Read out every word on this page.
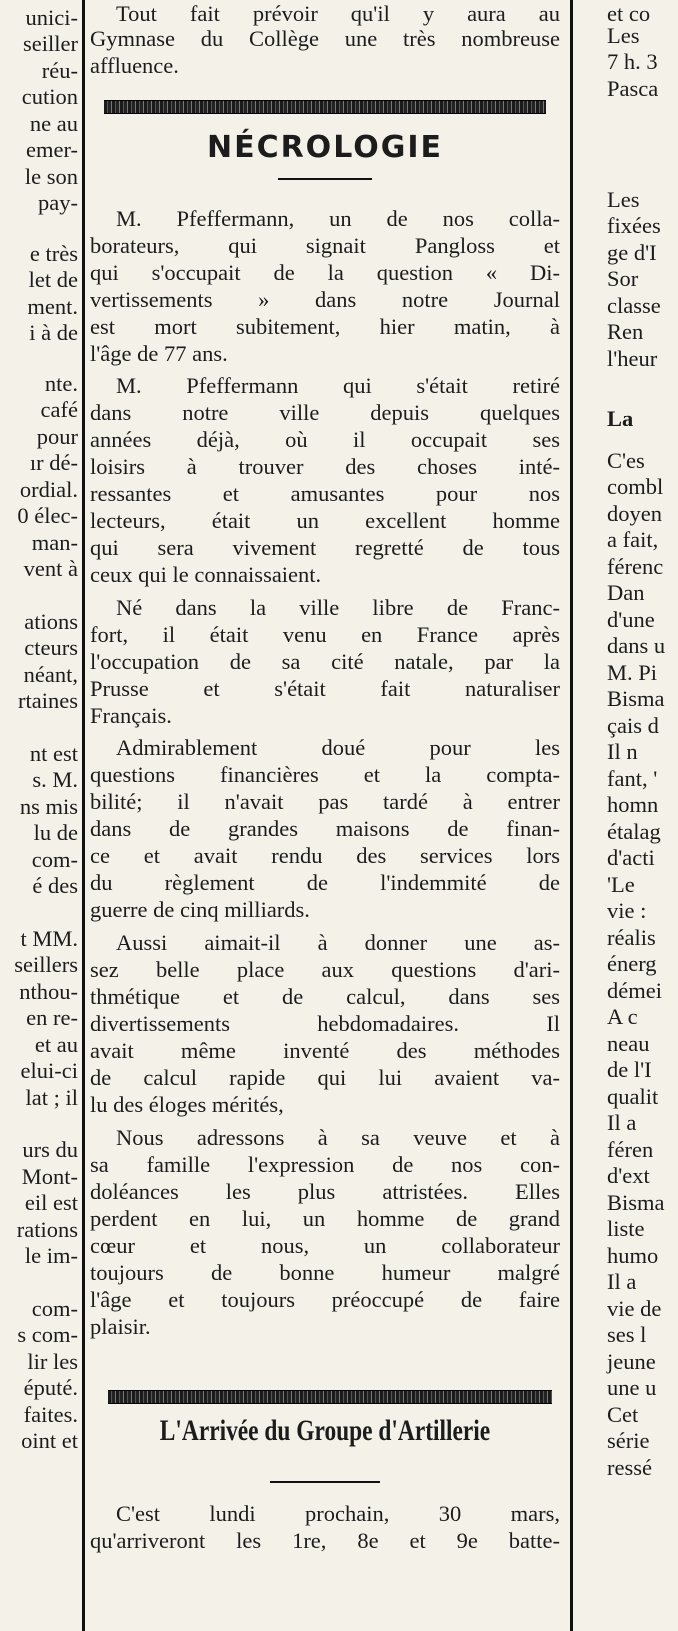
unici-
seiller
réu-
cution
ne au
emer-
le son
pay-
e très
let de
ment.
i à de
nte.
café
pour
ır dé-
ordial.
0 élec-
man-
vent à
ations
cteurs
néant,
rtaines
nt est
s. M.
ns mis
lu de
com-
é des
t MM.
seillers
nthou-
en re-
et au
elui-ci
lat ; il
urs du
Mont-
eil est
rations
le im-
com-
s com-
lir les
éputé.
faites.
oint et
Tout fait prévoir qu'il y aura au
Gymnase du Collège une très nombreuse
affluence.
NÉCROLOGIE
M. Pfeffermann, un de nos colla-
borateurs, qui signait Pangloss et
qui s'occupait de la question « Di-
vertissements » dans notre Journal
est mort subitement, hier matin, à
l'âge de 77 ans.
M. Pfeffermann qui s'était retiré
dans notre ville depuis quelques
années déjà, où il occupait ses
loisirs à trouver des choses inté-
ressantes et amusantes pour nos
lecteurs, était un excellent homme
qui sera vivement regretté de tous
ceux qui le connaissaient.
Né dans la ville libre de Franc-
fort, il était venu en France après
l'occupation de sa cité natale, par la
Prusse et s'était fait naturaliser
Français.
Admirablement doué pour les
questions financières et la compta-
bilité; il n'avait pas tardé à entrer
dans de grandes maisons de finan-
ce et avait rendu des services lors
du règlement de l'indemmité de
guerre de cinq milliards.
Aussi aimait-il à donner une as-
sez belle place aux questions d'ari-
thmétique et de calcul, dans ses
divertissements hebdomadaires. Il
avait même inventé des méthodes
de calcul rapide qui lui avaient va-
lu des éloges mérités,
Nous adressons à sa veuve et à
sa famille l'expression de nos con-
doléances les plus attristées. Elles
perdent en lui, un homme de grand
cœur et nous, un collaborateur
toujours de bonne humeur malgré
l'âge et toujours préoccupé de faire
plaisir.
L'Arrivée du Groupe d'Artillerie
C'est lundi prochain, 30 mars,
qu'arriveront les 1re, 8e et 9e batte-
et co
Les
7 h. 3
Pasca
Les
fixées
ge d'I
Sor
classe
Ren
l'heur
La
C'es
combl
doyen
a fait,
férenc
Dan
d'une
dans u
M. Pi
Bisma
çais d
Il n
fant, '
homn
étalag
d'acti
'Le
vie :
réalis
énerg
démei
A c
neau
de l'I
qualit
Il a
féren
d'ext
Bisma
liste
humo
Il a
vie de
ses l
jeune
une u
Cet
série
ressé
